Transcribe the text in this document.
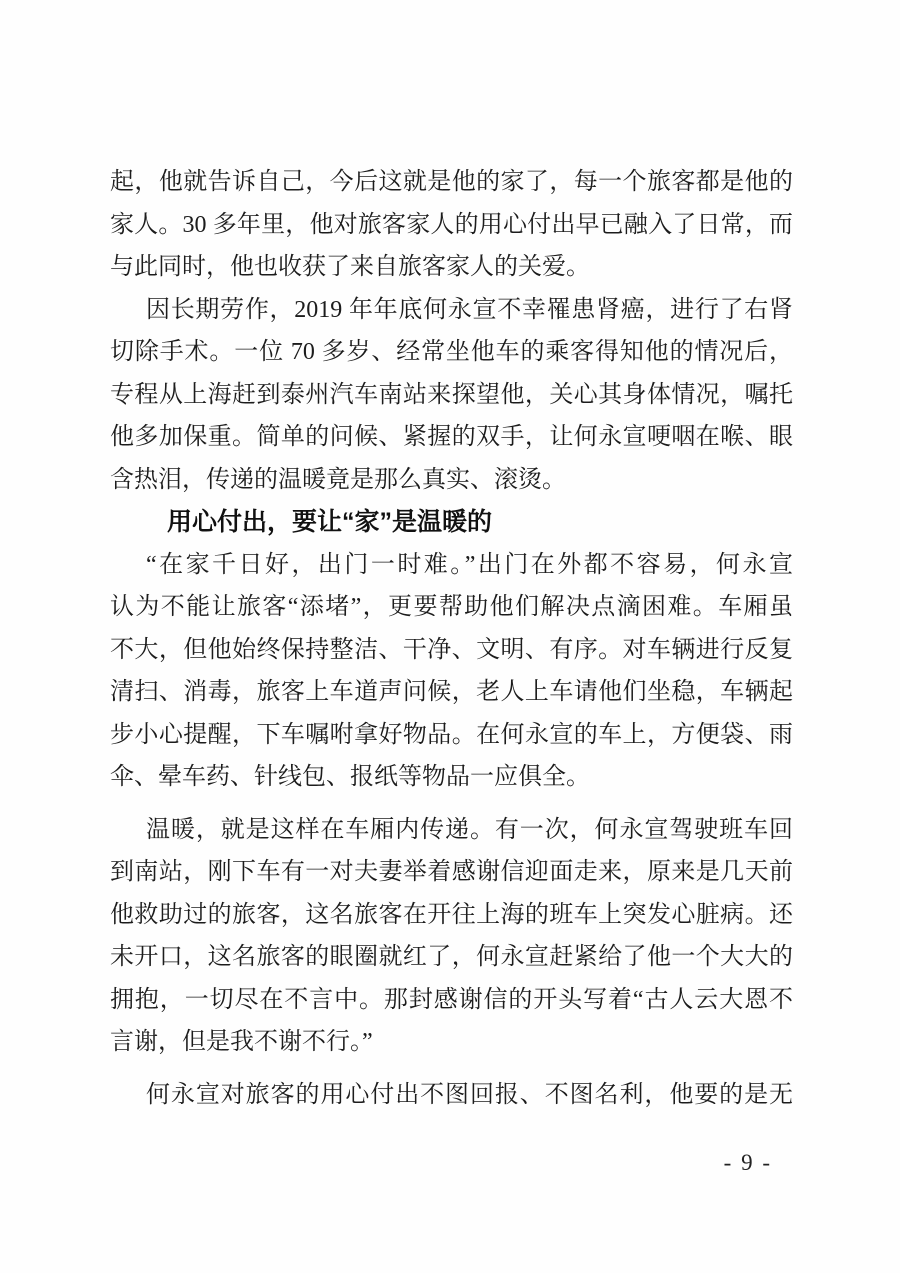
起，他就告诉自己，今后这就是他的家了，每一个旅客都是他的
家人。30 多年里，他对旅客家人的用心付出早已融入了日常，而
与此同时，他也收获了来自旅客家人的关爱。
因长期劳作，2019 年年底何永宣不幸罹患肾癌，进行了右肾
切除手术。一位 70 多岁、经常坐他车的乘客得知他的情况后，
专程从上海赶到泰州汽车南站来探望他，关心其身体情况，嘱托
他多加保重。简单的问候、紧握的双手，让何永宣哽咽在喉、眼
含热泪，传递的温暖竟是那么真实、滚烫。
用心付出，要让“家”是温暖的
“在家千日好，出门一时难。”出门在外都不容易，何永宣
认为不能让旅客“添堵”，更要帮助他们解决点滴困难。车厢虽
不大，但他始终保持整洁、干净、文明、有序。对车辆进行反复
清扫、消毒，旅客上车道声问候，老人上车请他们坐稳，车辆起
步小心提醒，下车嘱咐拿好物品。在何永宣的车上，方便袋、雨
伞、晕车药、针线包、报纸等物品一应俱全。
温暖，就是这样在车厢内传递。有一次，何永宣驾驶班车回
到南站，刚下车有一对夫妻举着感谢信迎面走来，原来是几天前
他救助过的旅客，这名旅客在开往上海的班车上突发心脏病。还
未开口，这名旅客的眼圈就红了，何永宣赶紧给了他一个大大的
拥抱，一切尽在不言中。那封感谢信的开头写着“古人云大恩不
言谢，但是我不谢不行。”
何永宣对旅客的用心付出不图回报、不图名利，他要的是无
- 9 -
